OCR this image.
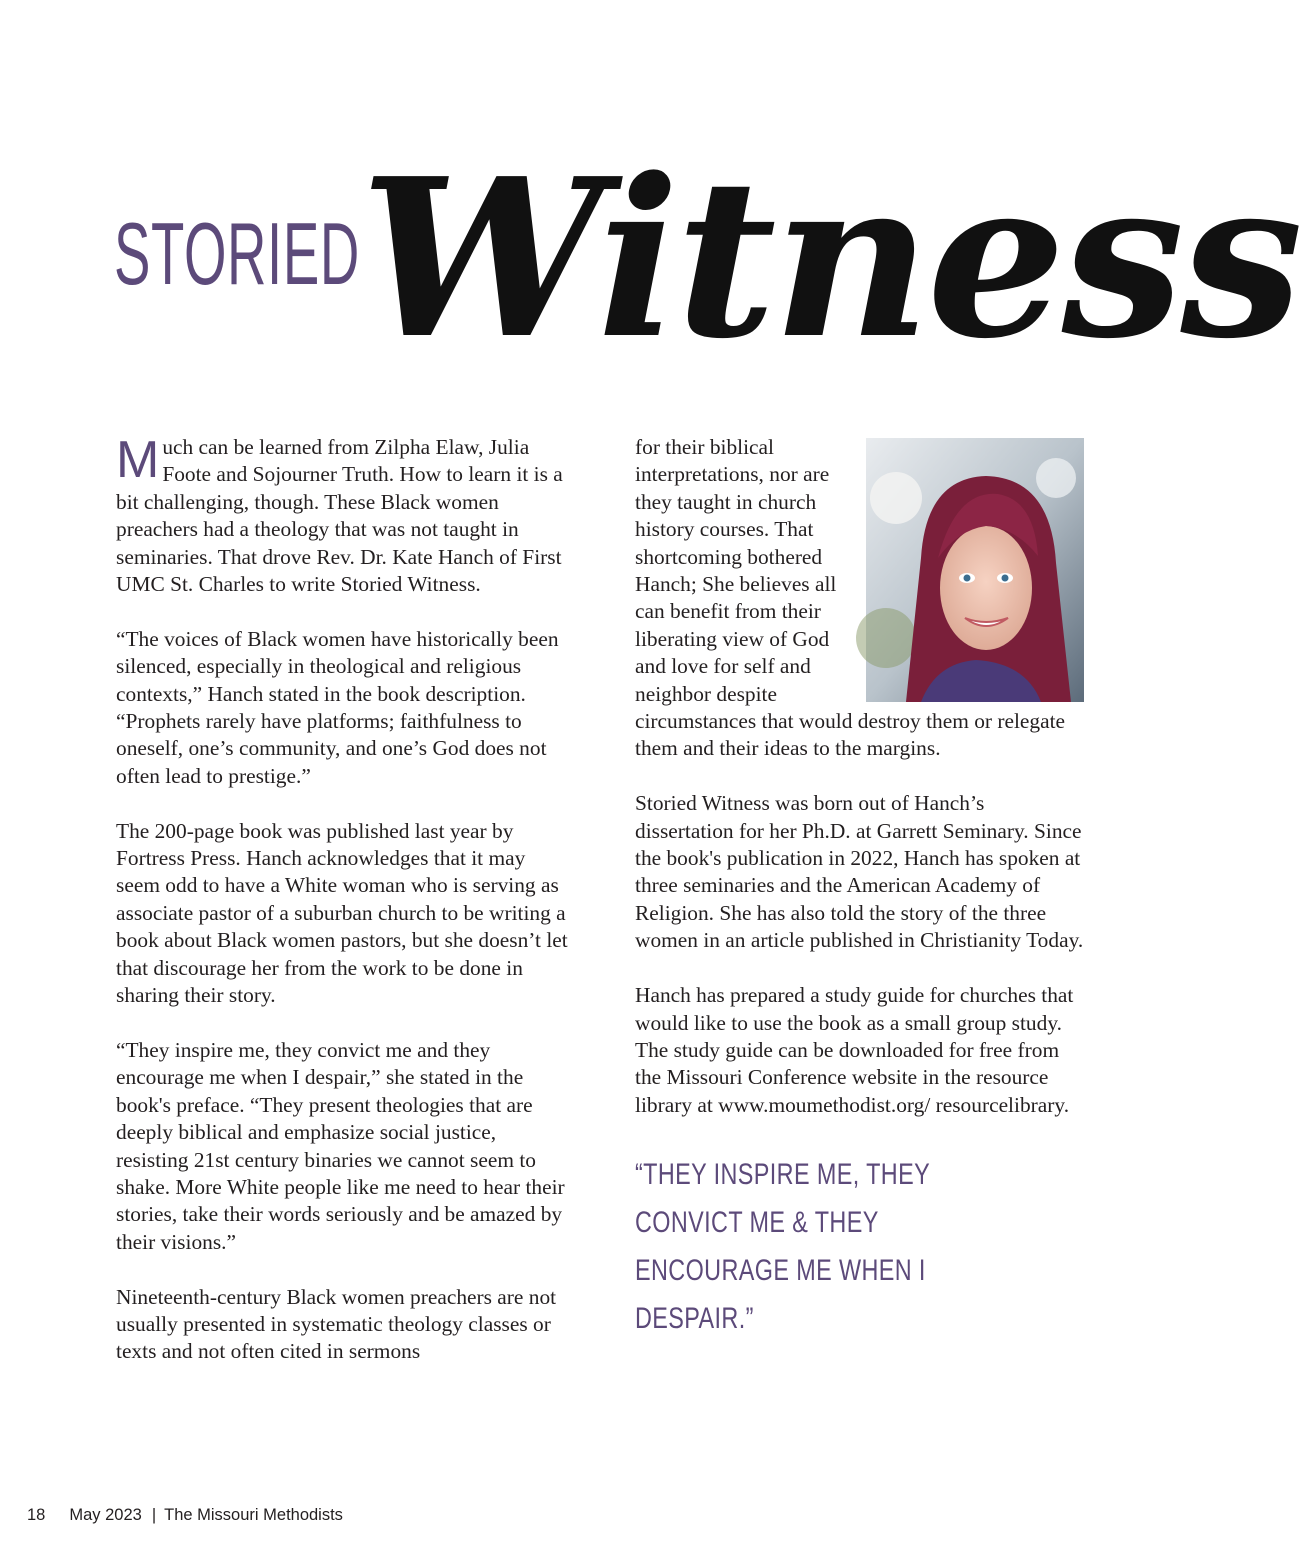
STORIED Witness

Much can be learned from Zilpha Elaw, Julia Foote and Sojourner Truth. How to learn it is a bit challenging, though. These Black women preachers had a theology that was not taught in seminaries. That drove Rev. Dr. Kate Hanch of First UMC St. Charles to write Storied Witness.

“The voices of Black women have historically been silenced, especially in theological and religious contexts,” Hanch stated in the book description. “Prophets rarely have platforms; faithfulness to oneself, one’s community, and one’s God does not often lead to prestige.”

The 200-page book was published last year by Fortress Press. Hanch acknowledges that it may seem odd to have a White woman who is serving as associate pastor of a suburban church to be writing a book about Black women pastors, but she doesn’t let that discourage her from the work to be done in sharing their story.

“They inspire me, they convict me and they encourage me when I despair,” she stated in the book's preface. “They present theologies that are deeply biblical and emphasize social justice, resisting 21st century binaries we cannot seem to shake. More White people like me need to hear their stories, take their words seriously and be amazed by their visions.”

Nineteenth-century Black women preachers are not usually presented in systematic theology classes or texts and not often cited in sermons

for their biblical interpretations, nor are they taught in church history courses. That shortcoming bothered Hanch; She believes all can benefit from their liberating view of God and love for self and neighbor despite circumstances that would destroy them or relegate them and their ideas to the margins.

Storied Witness was born out of Hanch’s dissertation for her Ph.D. at Garrett Seminary. Since the book's publication in 2022, Hanch has spoken at three seminaries and the American Academy of Religion. She has also told the story of the three women in an article published in Christianity Today.

Hanch has prepared a study guide for churches that would like to use the book as a small group study. The study guide can be downloaded for free from the Missouri Conference website in the resource library at www.moumethodist.org/ resourcelibrary.

“THEY INSPIRE ME, THEY CONVICT ME & THEY ENCOURAGE ME WHEN I DESPAIR.”
18 May 2023 | The Missouri Methodists
